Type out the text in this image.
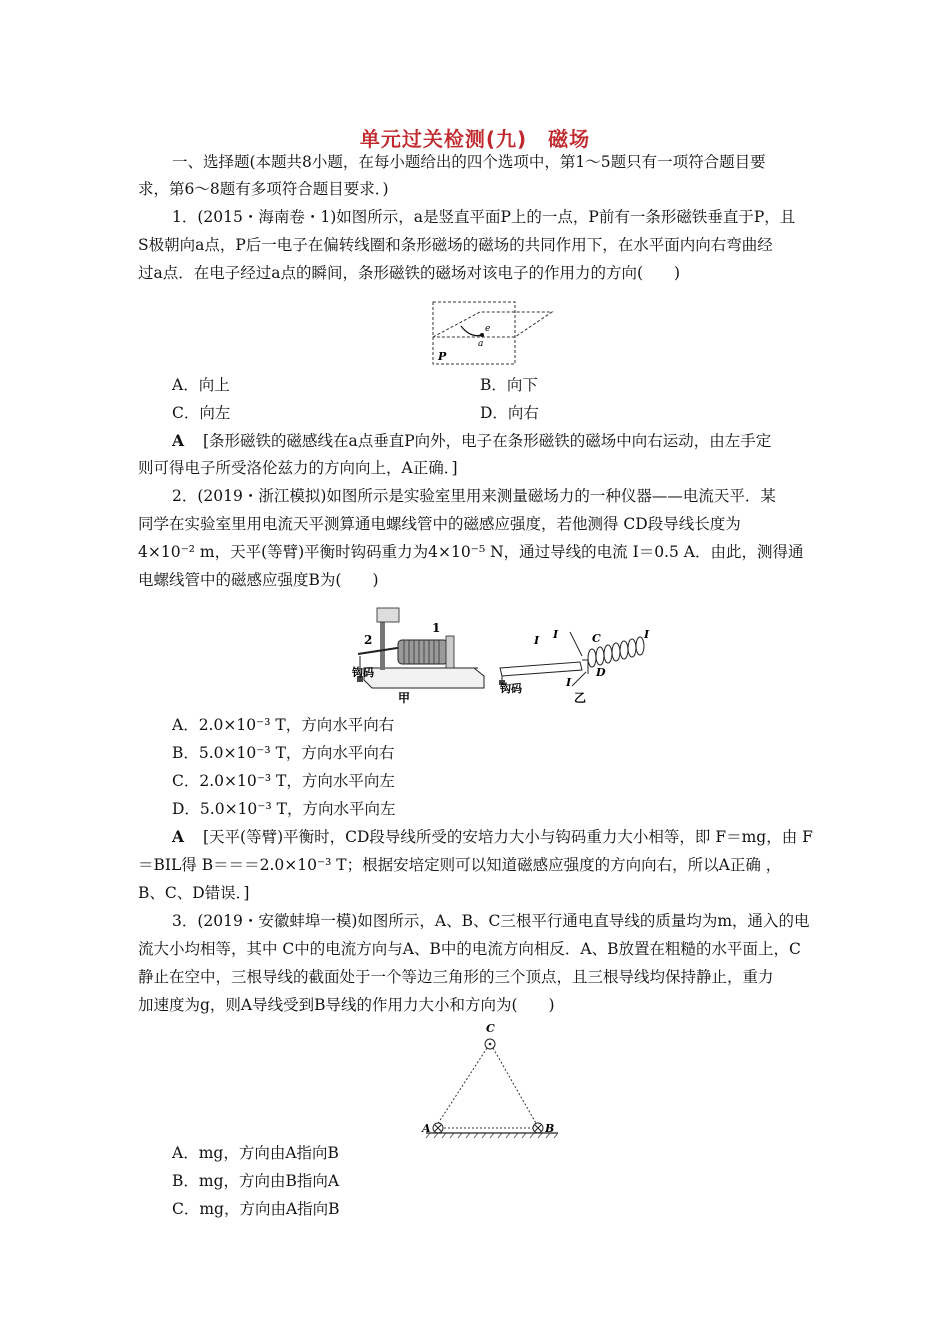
单元过关检测(九)　磁场
一、选择题(本题共8小题，在每小题给出的四个选项中，第1～5题只有一项符合题目要
求，第6～8题有多项符合题目要求．)
1．(2015・海南卷・1)如图所示，a是竖直平面P上的一点，P前有一条形磁铁垂直于P，且
S极朝向a点，P后一电子在偏转线圈和条形磁场的磁场的共同作用下，在水平面内向右弯曲经
过a点．在电子经过a点的瞬间，条形磁铁的磁场对该电子的作用力的方向(　　)
e
a
P
A．向上	B．向下
C．向左	D．向右
A [条形磁铁的磁感线在a点垂直P向外，电子在条形磁铁的磁场中向右运动，由左手定
则可得电子所受洛伦兹力的方向向上，A正确．]
2．(2019・浙江模拟)如图所示是实验室里用来测量磁场力的一种仪器——电流天平．某
同学在实验室里用电流天平测算通电螺线管中的磁感应强度，若他测得 CD段导线长度为
4×10⁻² m，天平(等臂)平衡时钩码重力为4×10⁻⁵ N，通过导线的电流 I＝0.5 A．由此，测得通
电螺线管中的磁感应强度B为(　　)
1
2
钩码
甲
I I	C	I
D
I
钩码
乙
A．2.0×10⁻³ T，方向水平向右
B．5.0×10⁻³ T，方向水平向右
C．2.0×10⁻³ T，方向水平向左
D．5.0×10⁻³ T，方向水平向左
A [天平(等臂)平衡时，CD段导线所受的安培力大小与钩码重力大小相等，即 F＝mg，由 F
＝BIL得 B＝＝＝2.0×10⁻³ T；根据安培定则可以知道磁感应强度的方向向右，所以A正确 ，
B、C、D错误．]
3．(2019・安徽蚌埠一模)如图所示，A、B、C三根平行通电直导线的质量均为m，通入的电
流大小均相等，其中 C中的电流方向与A、B中的电流方向相反．A、B放置在粗糙的水平面上，C
静止在空中，三根导线的截面处于一个等边三角形的三个顶点，且三根导线均保持静止，重力
加速度为g，则A导线受到B导线的作用力大小和方向为(　　)
C
A	B
A．mg，方向由A指向B
B．mg，方向由B指向A
C．mg，方向由A指向B
